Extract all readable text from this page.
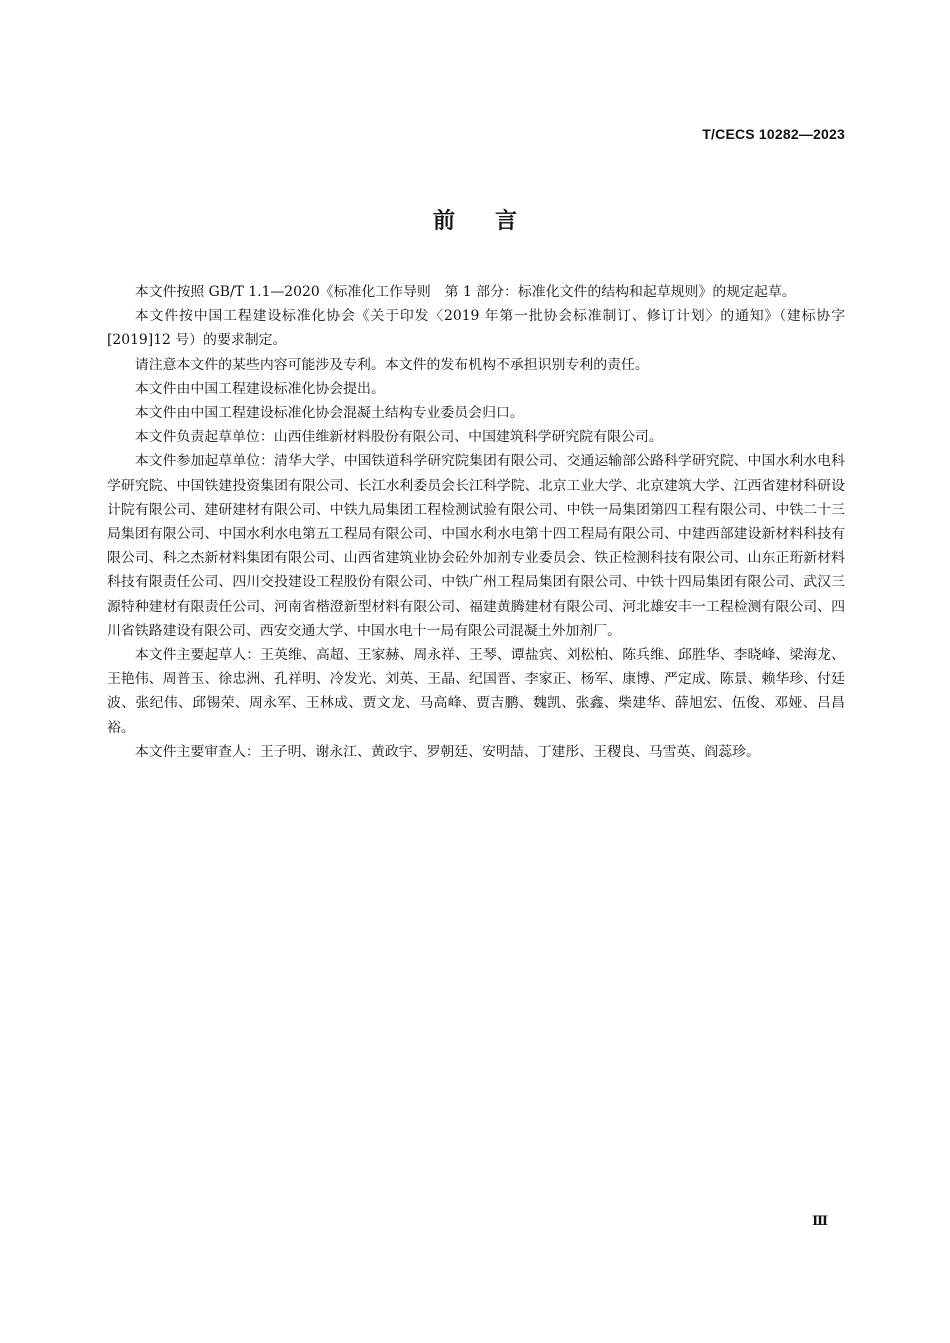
T/CECS 10282—2023
前 言

本文件按照 GB/T 1.1—2020《标准化工作导则　第 1 部分：标准化文件的结构和起草规则》的规定起草。

本文件按中国工程建设标准化协会《关于印发〈2019 年第一批协会标准制订、修订计划〉的通知》（建标协字[2019]12 号）的要求制定。

请注意本文件的某些内容可能涉及专利。本文件的发布机构不承担识别专利的责任。

本文件由中国工程建设标准化协会提出。

本文件由中国工程建设标准化协会混凝土结构专业委员会归口。

本文件负责起草单位：山西佳维新材料股份有限公司、中国建筑科学研究院有限公司。

本文件参加起草单位：清华大学、中国铁道科学研究院集团有限公司、交通运输部公路科学研究院、中国水利水电科学研究院、中国铁建投资集团有限公司、长江水利委员会长江科学院、北京工业大学、北京建筑大学、江西省建材科研设计院有限公司、建研建材有限公司、中铁九局集团工程检测试验有限公司、中铁一局集团第四工程有限公司、中铁二十三局集团有限公司、中国水利水电第五工程局有限公司、中国水利水电第十四工程局有限公司、中建西部建设新材料科技有限公司、科之杰新材料集团有限公司、山西省建筑业协会砼外加剂专业委员会、铁正检测科技有限公司、山东正珩新材料科技有限责任公司、四川交投建设工程股份有限公司、中铁广州工程局集团有限公司、中铁十四局集团有限公司、武汉三源特种建材有限责任公司、河南省楷澄新型材料有限公司、福建黄腾建材有限公司、河北雄安丰一工程检测有限公司、四川省铁路建设有限公司、西安交通大学、中国水电十一局有限公司混凝土外加剂厂。

本文件主要起草人：王英维、高超、王家赫、周永祥、王琴、谭盐宾、刘松柏、陈兵维、邱胜华、李晓峰、梁海龙、王艳伟、周普玉、徐忠洲、孔祥明、冷发光、刘英、王晶、纪国晋、李家正、杨军、康博、严定成、陈景、赖华珍、付廷波、张纪伟、邱锡荣、周永军、王林成、贾文龙、马高峰、贾吉鹏、魏凯、张鑫、柴建华、薛旭宏、伍俊、邓娅、吕昌裕。

本文件主要审查人：王子明、谢永江、黄政宇、罗朝廷、安明喆、丁建彤、王稷良、马雪英、阎蕊珍。

Ⅲ
